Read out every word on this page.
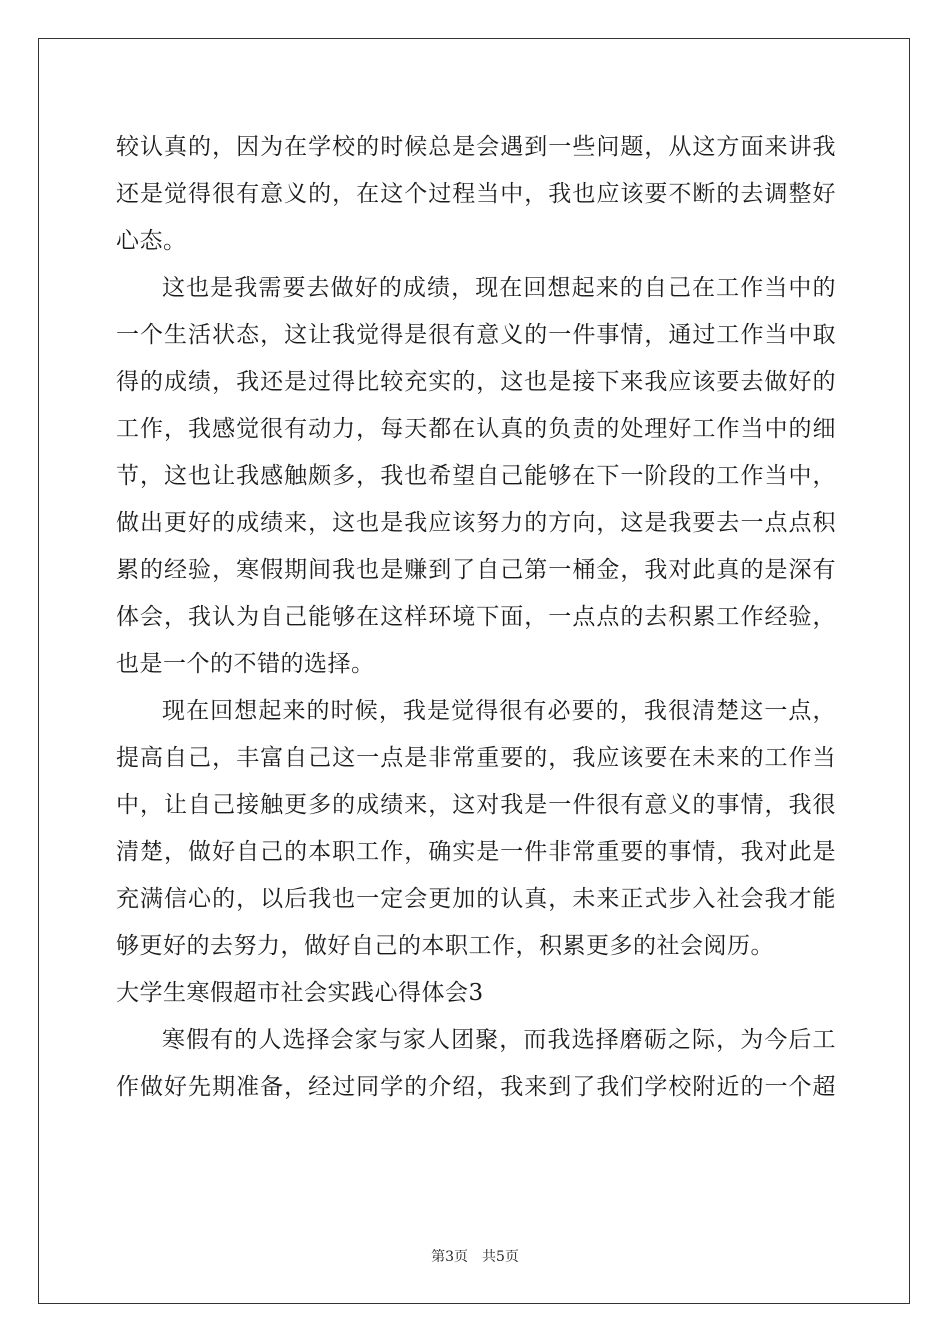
较认真的，因为在学校的时候总是会遇到一些问题，从这方面来讲我
还是觉得很有意义的，在这个过程当中，我也应该要不断的去调整好
心态。
这也是我需要去做好的成绩，现在回想起来的自己在工作当中的
一个生活状态，这让我觉得是很有意义的一件事情，通过工作当中取
得的成绩，我还是过得比较充实的，这也是接下来我应该要去做好的
工作，我感觉很有动力，每天都在认真的负责的处理好工作当中的细
节，这也让我感触颇多，我也希望自己能够在下一阶段的工作当中，
做出更好的成绩来，这也是我应该努力的方向，这是我要去一点点积
累的经验，寒假期间我也是赚到了自己第一桶金，我对此真的是深有
体会，我认为自己能够在这样环境下面，一点点的去积累工作经验，
也是一个的不错的选择。
现在回想起来的时候，我是觉得很有必要的，我很清楚这一点，
提高自己，丰富自己这一点是非常重要的，我应该要在未来的工作当
中，让自己接触更多的成绩来，这对我是一件很有意义的事情，我很
清楚，做好自己的本职工作，确实是一件非常重要的事情，我对此是
充满信心的，以后我也一定会更加的认真，未来正式步入社会我才能
够更好的去努力，做好自己的本职工作，积累更多的社会阅历。
大学生寒假超市社会实践心得体会3
寒假有的人选择会家与家人团聚，而我选择磨砺之际，为今后工
作做好先期准备，经过同学的介绍，我来到了我们学校附近的一个超
第3页 共5页
